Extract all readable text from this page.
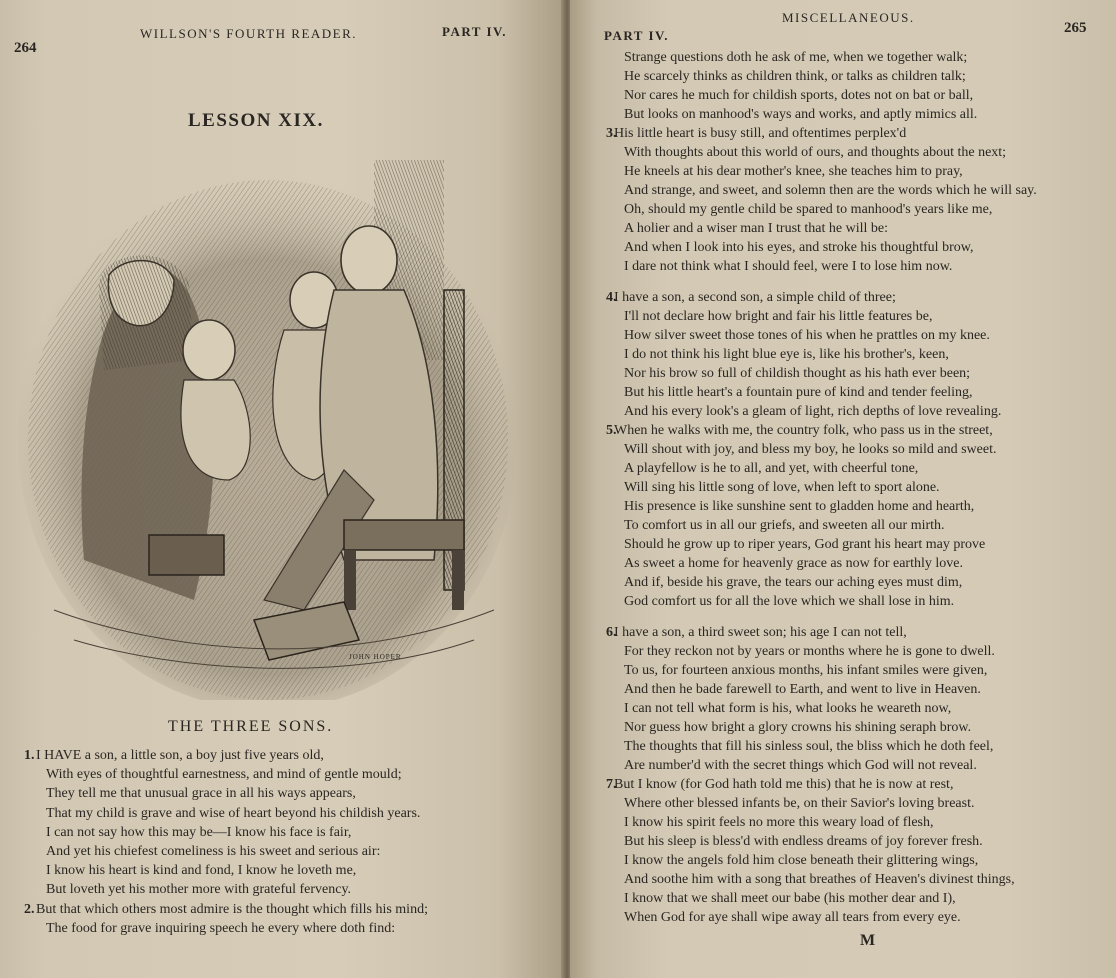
264
WILLSON'S FOURTH READER.	PART IV.
LESSON XIX.
JOHN HOPER
THE THREE SONS.
1. I HAVE a son, a little son, a boy just five years old,
With eyes of thoughtful earnestness, and mind of gentle mould;
They tell me that unusual grace in all his ways appears,
That my child is grave and wise of heart beyond his childish years.
I can not say how this may be—I know his face is fair,
And yet his chiefest comeliness is his sweet and serious air:
I know his heart is kind and fond, I know he loveth me,
But loveth yet his mother more with grateful fervency.
2. But that which others most admire is the thought which fills his mind;
The food for grave inquiring speech he every where doth find:
PART IV.
MISCELLANEOUS.
265
Strange questions doth he ask of me, when we together walk;
He scarcely thinks as children think, or talks as children talk;
Nor cares he much for childish sports, dotes not on bat or ball,
But looks on manhood's ways and works, and aptly mimics all.
3.
His little heart is busy still, and oftentimes perplex'd
With thoughts about this world of ours, and thoughts about the next;
He kneels at his dear mother's knee, she teaches him to pray,
And strange, and sweet, and solemn then are the words which he will say.
Oh, should my gentle child be spared to manhood's years like me,
A holier and a wiser man I trust that he will be:
And when I look into his eyes, and stroke his thoughtful brow,
I dare not think what I should feel, were I to lose him now.
4.
I have a son, a second son, a simple child of three;
I'll not declare how bright and fair his little features be,
How silver sweet those tones of his when he prattles on my knee.
I do not think his light blue eye is, like his brother's, keen,
Nor his brow so full of childish thought as his hath ever been;
But his little heart's a fountain pure of kind and tender feeling,
And his every look's a gleam of light, rich depths of love revealing.
5.
When he walks with me, the country folk, who pass us in the street,
Will shout with joy, and bless my boy, he looks so mild and sweet.
A playfellow is he to all, and yet, with cheerful tone,
Will sing his little song of love, when left to sport alone.
His presence is like sunshine sent to gladden home and hearth,
To comfort us in all our griefs, and sweeten all our mirth.
Should he grow up to riper years, God grant his heart may prove
As sweet a home for heavenly grace as now for earthly love.
And if, beside his grave, the tears our aching eyes must dim,
God comfort us for all the love which we shall lose in him.
6.
I have a son, a third sweet son; his age I can not tell,
For they reckon not by years or months where he is gone to dwell.
To us, for fourteen anxious months, his infant smiles were given,
And then he bade farewell to Earth, and went to live in Heaven.
I can not tell what form is his, what looks he weareth now,
Nor guess how bright a glory crowns his shining seraph brow.
The thoughts that fill his sinless soul, the bliss which he doth feel,
Are number'd with the secret things which God will not reveal.
7.
But I know (for God hath told me this) that he is now at rest,
Where other blessed infants be, on their Savior's loving breast.
I know his spirit feels no more this weary load of flesh,
But his sleep is bless'd with endless dreams of joy forever fresh.
I know the angels fold him close beneath their glittering wings,
And soothe him with a song that breathes of Heaven's divinest things,
I know that we shall meet our babe (his mother dear and I),
When God for aye shall wipe away all tears from every eye.
M
